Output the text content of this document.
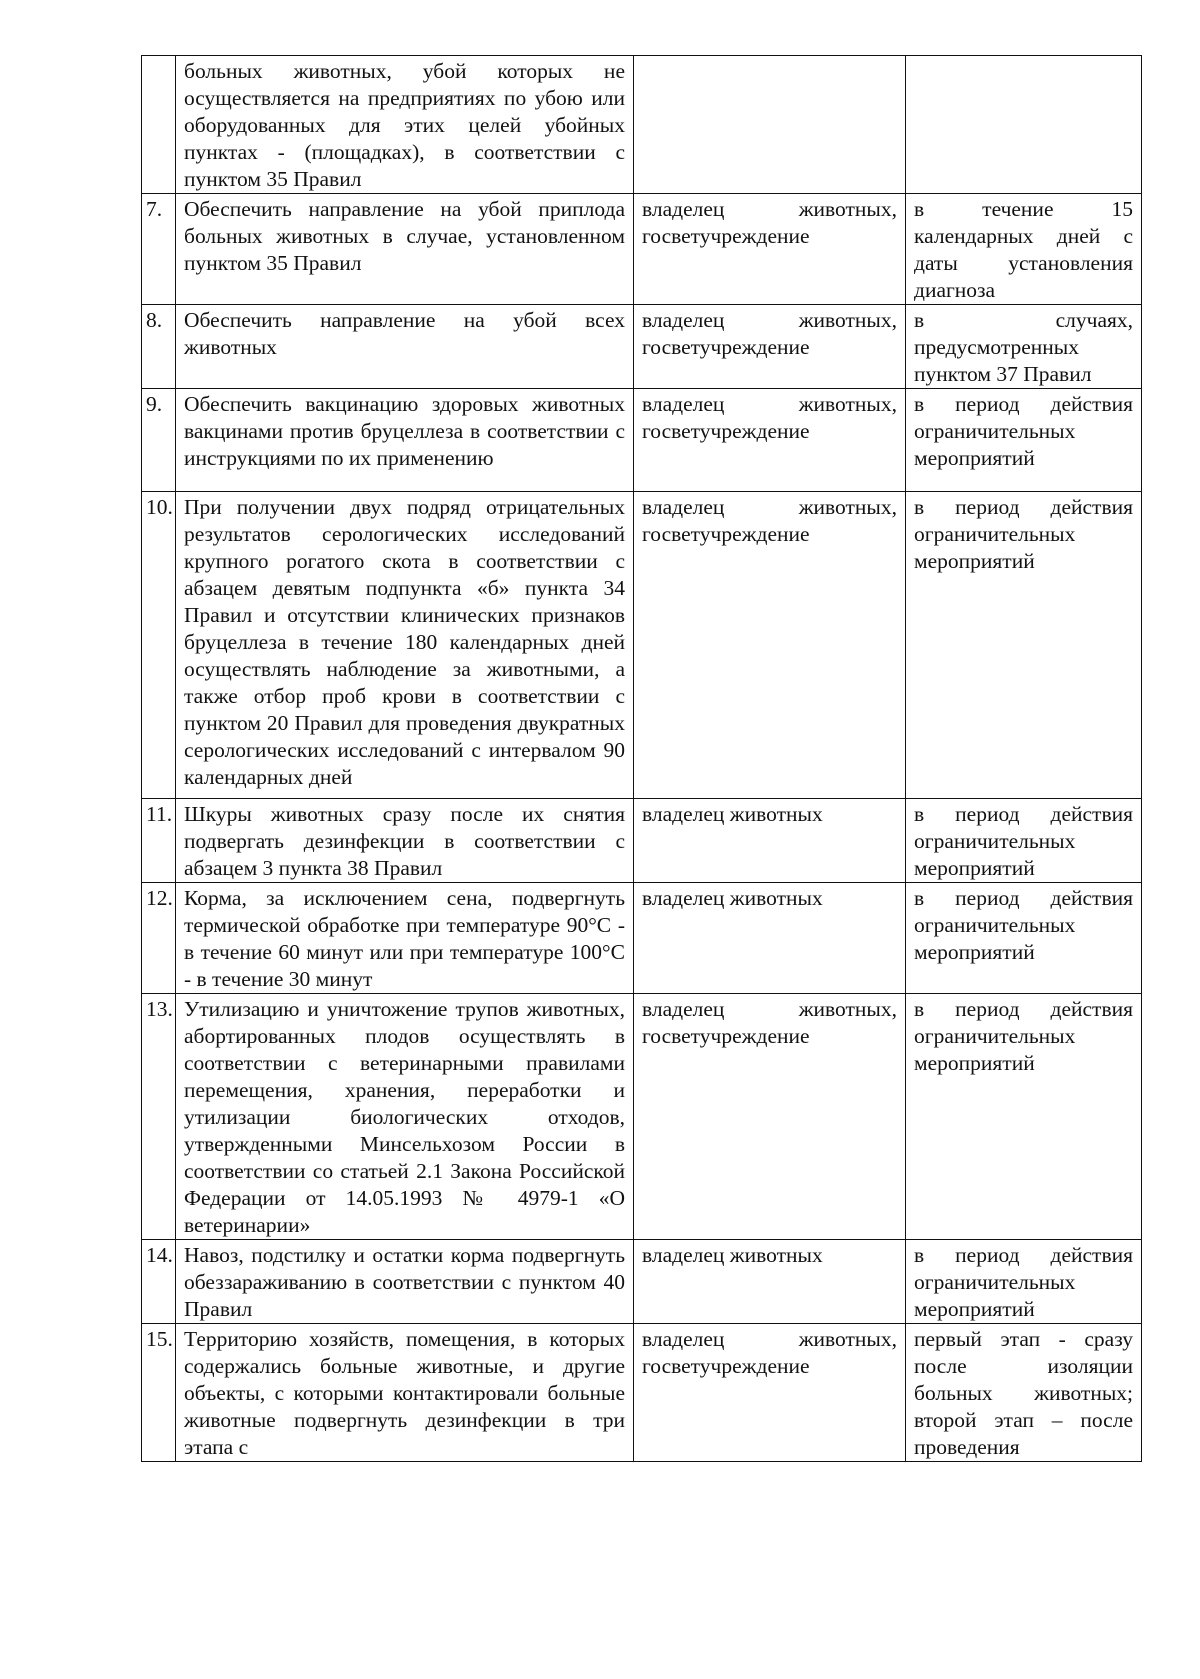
	больных животных, убой которых не осуществляется на предприятиях по убою или оборудованных для этих целей убойных пунктах - (площадках), в соответствии с пунктом 35 Правил		
7.	Обеспечить направление на убой приплода больных животных в случае, установленном пунктом 35 Правил	владелец животных, госветучреждение	в течение 15 календарных дней с даты установления диагноза
8.	Обеспечить направление на убой всех животных	владелец животных, госветучреждение	в случаях, предусмотренных пунктом 37 Правил
9.	Обеспечить вакцинацию здоровых животных вакцинами против бруцеллеза в соответствии с инструкциями по их применению	владелец животных, госветучреждение	в период действия ограничительных мероприятий
10.	При получении двух подряд отрицательных результатов серологических исследований крупного рогатого скота в соответствии с абзацем девятым подпункта «б» пункта 34 Правил и отсутствии клинических признаков бруцеллеза в течение 180 календарных дней осуществлять наблюдение за животными, а также отбор проб крови в соответствии с пунктом 20 Правил для проведения двукратных серологических исследований с интервалом 90 календарных дней	владелец животных, госветучреждение	в период действия ограничительных мероприятий
11.	Шкуры животных сразу после их снятия подвергать дезинфекции в соответствии с абзацем 3 пункта 38 Правил	владелец животных	в период действия ограничительных мероприятий
12.	Корма, за исключением сена, подвергнуть термической обработке при температуре 90°С - в течение 60 минут или при температуре 100°С - в течение 30 минут	владелец животных	в период действия ограничительных мероприятий
13.	Утилизацию и уничтожение трупов животных, абортированных плодов осуществлять в соответствии с ветеринарными правилами перемещения, хранения, переработки и утилизации биологических отходов, утвержденными Минсельхозом России в соответствии со статьей 2.1 Закона Российской Федерации от 14.05.1993 № 4979-1 «О ветеринарии»	владелец животных, госветучреждение	в период действия ограничительных мероприятий
14.	Навоз, подстилку и остатки корма подвергнуть обеззараживанию в соответствии с пунктом 40 Правил	владелец животных	в период действия ограничительных мероприятий
15.	Территорию хозяйств, помещения, в которых содержались больные животные, и другие объекты, с которыми контактировали больные животные подвергнуть дезинфекции в три этапа с	владелец животных, госветучреждение	первый этап - сразу после изоляции больных животных; второй этап – после проведения
